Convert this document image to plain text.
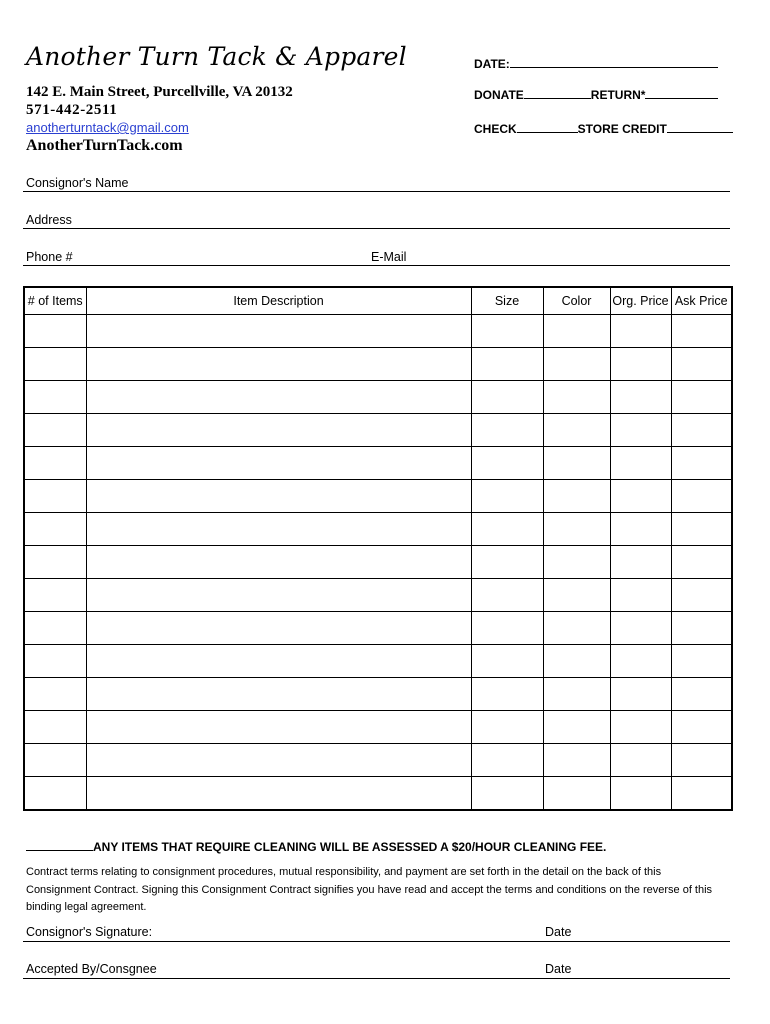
Another Turn Tack & Apparel
142 E. Main Street, Purcellville, VA 20132
571-442-2511
anotherturntack@gmail.com
AnotherTurnTack.com
DATE:
DONATE	RETURN*
CHECK	STORE CREDIT
Consignor's Name
Address
Phone #	E-Mail
# of Items	Item Description	Size	Color	Org. Price	Ask Price

ANY ITEMS THAT REQUIRE CLEANING WILL BE ASSESSED A $20/HOUR CLEANING FEE.
Contract terms relating to consignment procedures, mutual responsibility, and payment are set forth in the detail on the back of this Consignment Contract. Signing this Consignment Contract signifies you have read and accept the terms and conditions on the reverse of this binding legal agreement.
Consignor's Signature:	Date
Accepted By/Consgnee	Date
